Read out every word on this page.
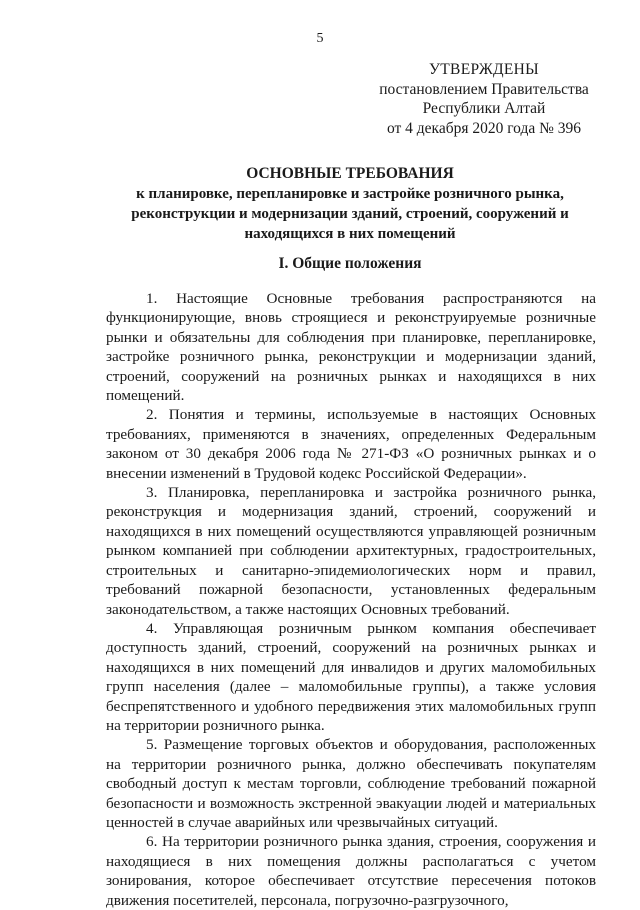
5
УТВЕРЖДЕНЫ
постановлением Правительства
Республики Алтай
от 4 декабря 2020 года № 396
ОСНОВНЫЕ ТРЕБОВАНИЯ
к планировке, перепланировке и застройке розничного рынка,
реконструкции и модернизации зданий, строений, сооружений и
находящихся в них помещений
I. Общие положения

1. Настоящие Основные требования распространяются на функционирующие, вновь строящиеся и реконструируемые розничные рынки и обязательны для соблюдения при планировке, перепланировке, застройке розничного рынка, реконструкции и модернизации зданий, строений, сооружений на розничных рынках и находящихся в них помещений.

2. Понятия и термины, используемые в настоящих Основных требованиях, применяются в значениях, определенных Федеральным законом от 30 декабря 2006 года № 271-ФЗ «О розничных рынках и о внесении изменений в Трудовой кодекс Российской Федерации».

3. Планировка, перепланировка и застройка розничного рынка, реконструкция и модернизация зданий, строений, сооружений и находящихся в них помещений осуществляются управляющей розничным рынком компанией при соблюдении архитектурных, градостроительных, строительных и санитарно-эпидемиологических норм и правил, требований пожарной безопасности, установленных федеральным законодательством, а также настоящих Основных требований.

4. Управляющая розничным рынком компания обеспечивает доступность зданий, строений, сооружений на розничных рынках и находящихся в них помещений для инвалидов и других маломобильных групп населения (далее – маломобильные группы), а также условия беспрепятственного и удобного передвижения этих маломобильных групп на территории розничного рынка.

5. Размещение торговых объектов и оборудования, расположенных на территории розничного рынка, должно обеспечивать покупателям свободный доступ к местам торговли, соблюдение требований пожарной безопасности и возможность экстренной эвакуации людей и материальных ценностей в случае аварийных или чрезвычайных ситуаций.

6. На территории розничного рынка здания, строения, сооружения и находящиеся в них помещения должны располагаться с учетом зонирования, которое обеспечивает отсутствие пересечения потоков движения посетителей, персонала, погрузочно-разгрузочного,
